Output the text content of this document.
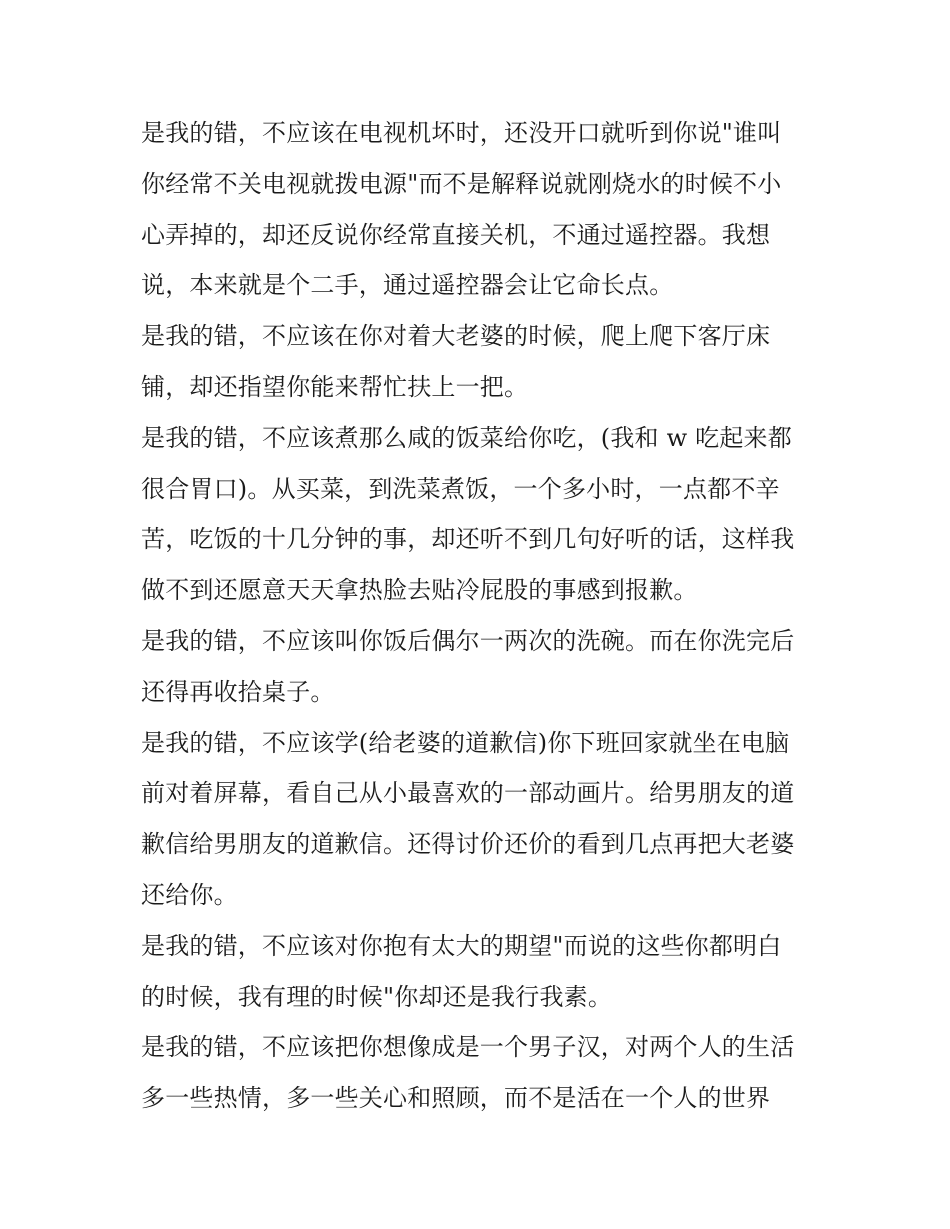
是我的错，不应该在电视机坏时，还没开口就听到你说"谁叫
你经常不关电视就拨电源"而不是解释说就刚烧水的时候不小
心弄掉的，却还反说你经常直接关机，不通过遥控器。我想
说，本来就是个二手，通过遥控器会让它命长点。
是我的错，不应该在你对着大老婆的时候，爬上爬下客厅床
铺，却还指望你能来帮忙扶上一把。
是我的错，不应该煮那么咸的饭菜给你吃，(我和 w 吃起来都
很合胃口)。从买菜，到洗菜煮饭，一个多小时，一点都不辛
苦，吃饭的十几分钟的事，却还听不到几句好听的话，这样我
做不到还愿意天天拿热脸去贴冷屁股的事感到报歉。
是我的错，不应该叫你饭后偶尔一两次的洗碗。而在你洗完后
还得再收拾桌子。
是我的错，不应该学(给老婆的道歉信)你下班回家就坐在电脑
前对着屏幕，看自己从小最喜欢的一部动画片。给男朋友的道
歉信给男朋友的道歉信。还得讨价还价的看到几点再把大老婆
还给你。
是我的错，不应该对你抱有太大的期望"而说的这些你都明白
的时候，我有理的时候"你却还是我行我素。
是我的错，不应该把你想像成是一个男子汉，对两个人的生活
多一些热情，多一些关心和照顾，而不是活在一个人的世界
